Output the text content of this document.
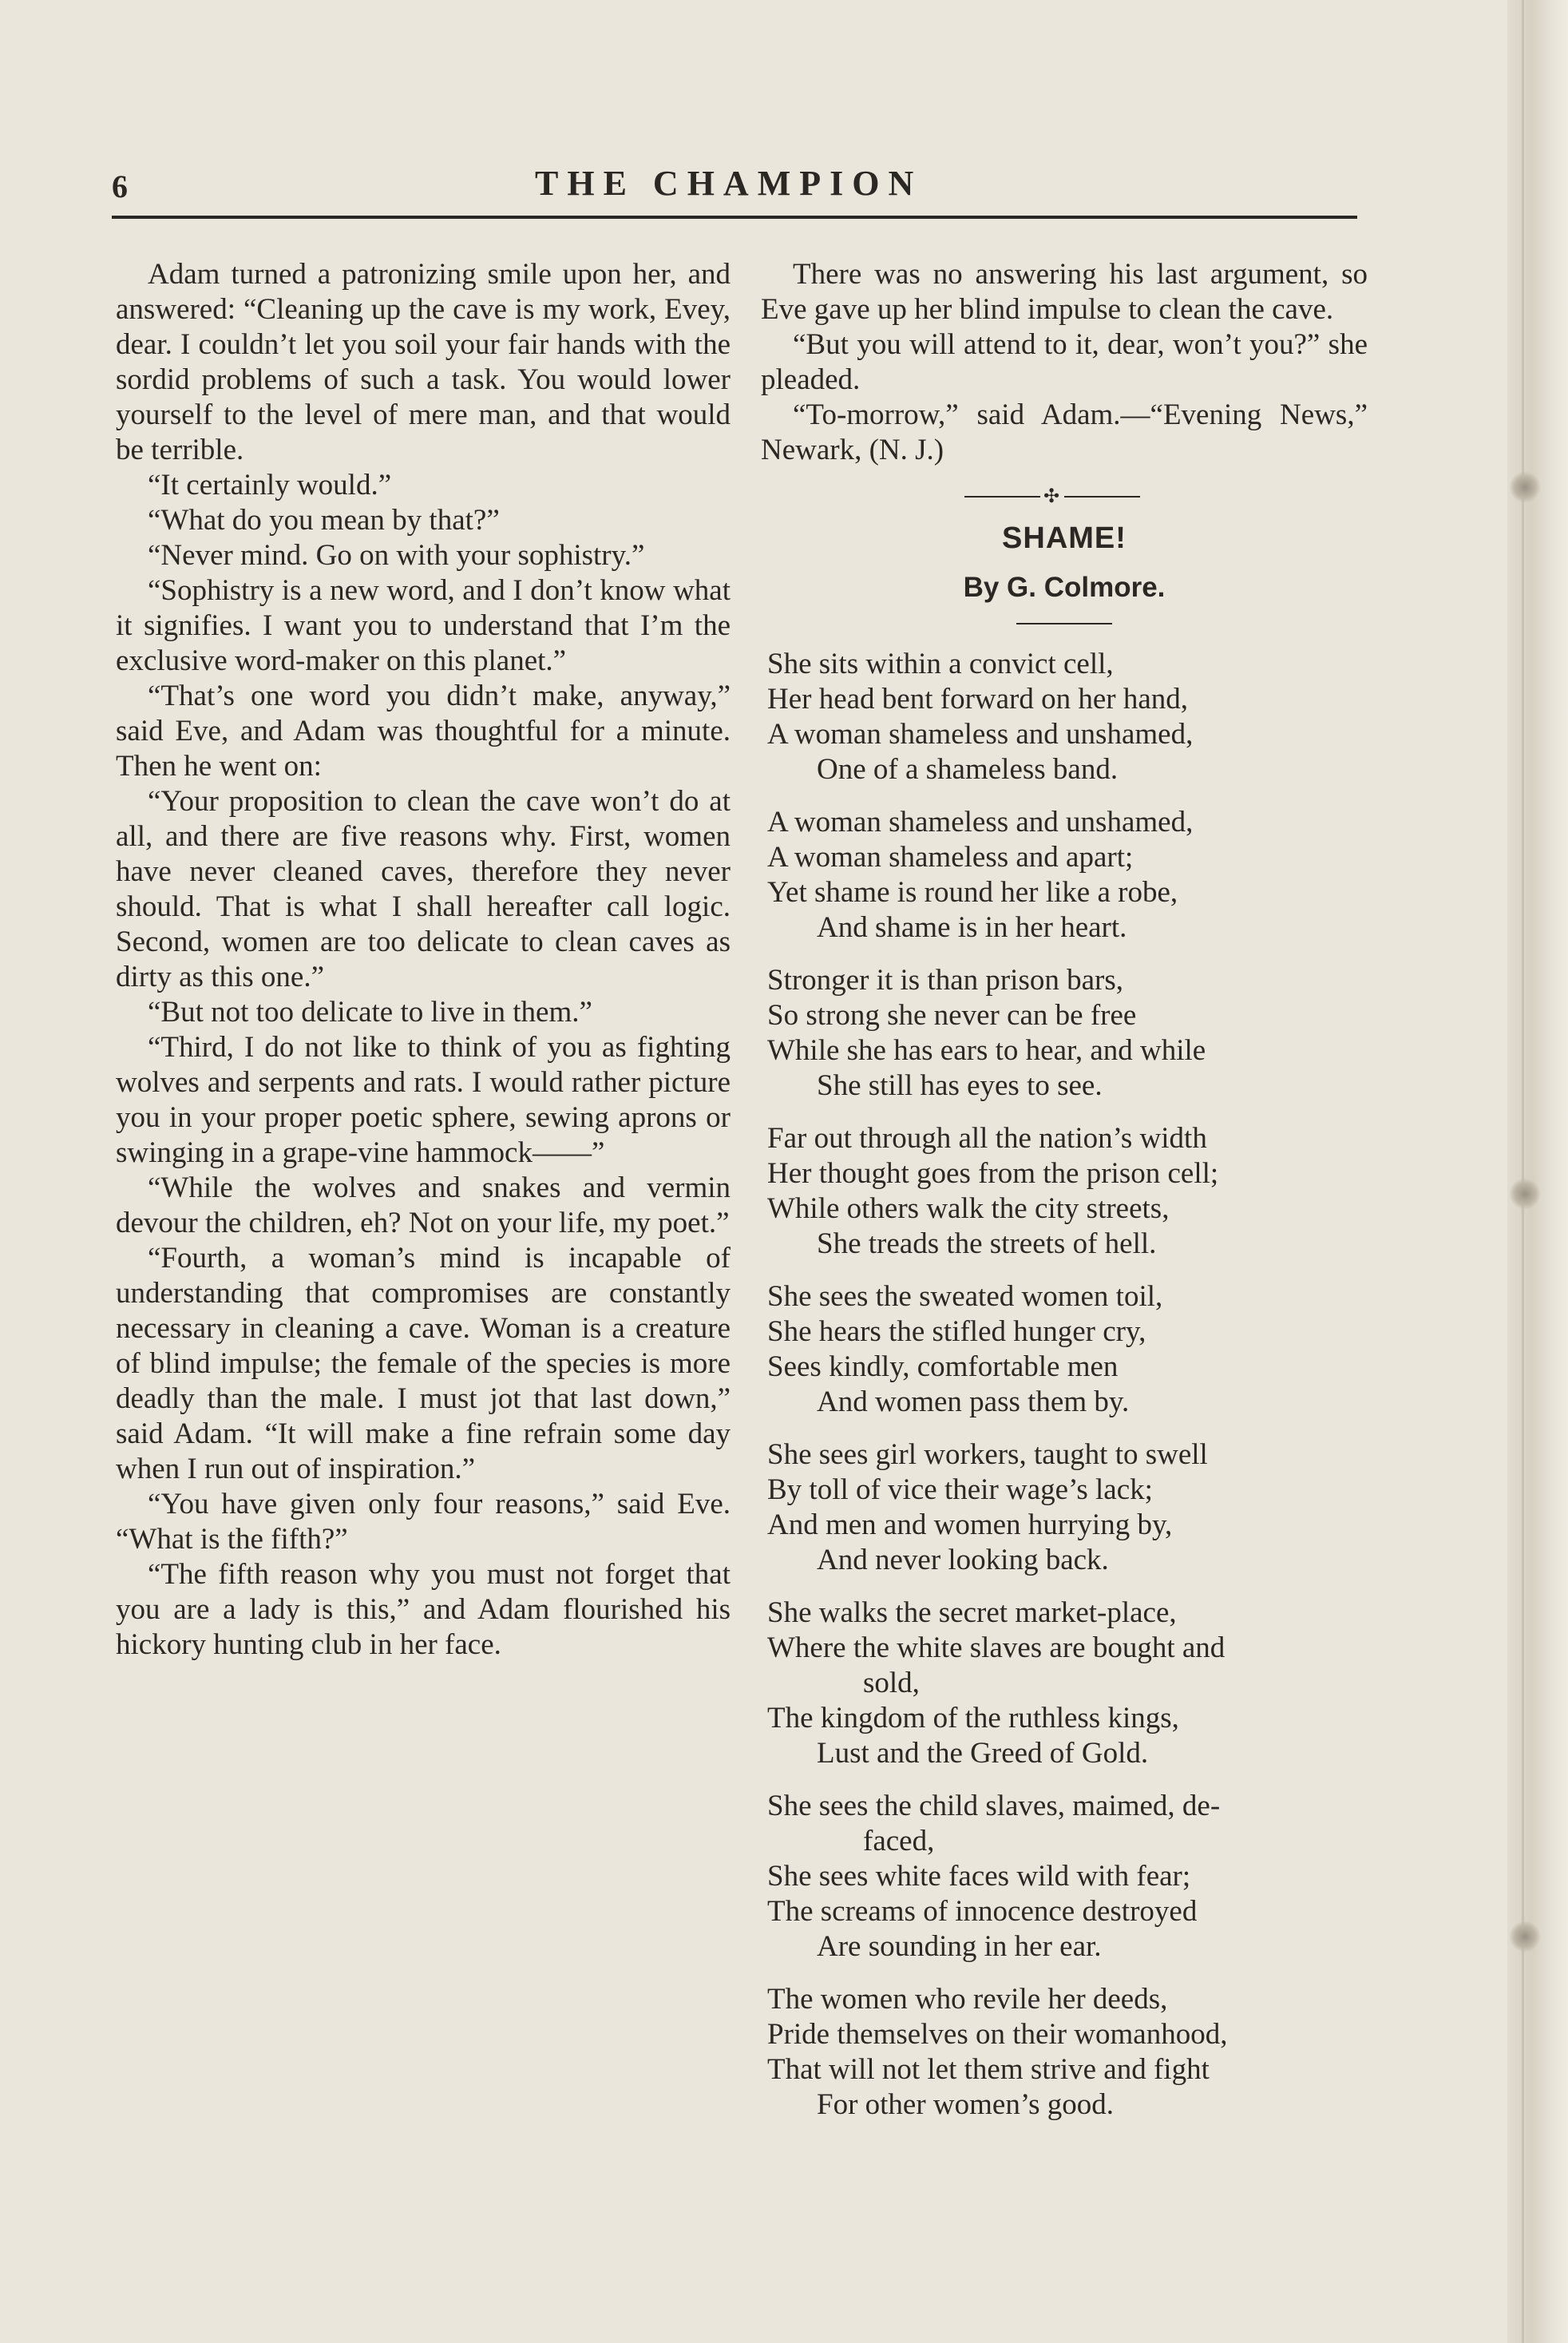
6	THE CHAMPION

Adam turned a patronizing smile upon her, and answered: “Cleaning up the cave is my work, Evey, dear. I couldn’t let you soil your fair hands with the sordid problems of such a task. You would lower yourself to the level of mere man, and that would be terrible.

“It certainly would.”

“What do you mean by that?”

“Never mind. Go on with your sophistry.”

“Sophistry is a new word, and I don’t know what it signifies. I want you to understand that I’m the exclusive word-maker on this planet.”

“That’s one word you didn’t make, anyway,” said Eve, and Adam was thoughtful for a minute. Then he went on:

“Your proposition to clean the cave won’t do at all, and there are five reasons why. First, women have never cleaned caves, therefore they never should. That is what I shall hereafter call logic. Second, women are too delicate to clean caves as dirty as this one.”

“But not too delicate to live in them.”

“Third, I do not like to think of you as fighting wolves and serpents and rats. I would rather picture you in your proper poetic sphere, sewing aprons or swinging in a grape-vine hammock——”

“While the wolves and snakes and vermin devour the children, eh? Not on your life, my poet.”

“Fourth, a woman’s mind is incapable of understanding that compromises are constantly necessary in cleaning a cave. Woman is a creature of blind impulse; the female of the species is more deadly than the male. I must jot that last down,” said Adam. “It will make a fine refrain some day when I run out of inspiration.”

“You have given only four reasons,” said Eve. “What is the fifth?”

“The fifth reason why you must not forget that you are a lady is this,” and Adam flourished his hickory hunting club in her face.

There was no answering his last argument, so Eve gave up her blind impulse to clean the cave.

“But you will attend to it, dear, won’t you?” she pleaded.

“To-morrow,” said Adam.—“Evening News,” Newark, (N. J.)

✣
SHAME!
By G. Colmore.
She sits within a convict cell,
Her head bent forward on her hand,
A woman shameless and unshamed,
One of a shameless band.
A woman shameless and unshamed,
A woman shameless and apart;
Yet shame is round her like a robe,
And shame is in her heart.
Stronger it is than prison bars,
So strong she never can be free
While she has ears to hear, and while
She still has eyes to see.
Far out through all the nation’s width
Her thought goes from the prison cell;
While others walk the city streets,
She treads the streets of hell.
She sees the sweated women toil,
She hears the stifled hunger cry,
Sees kindly, comfortable men
And women pass them by.
She sees girl workers, taught to swell
By toll of vice their wage’s lack;
And men and women hurrying by,
And never looking back.
She walks the secret market-place,
Where the white slaves are bought and
sold,
The kingdom of the ruthless kings,
Lust and the Greed of Gold.
She sees the child slaves, maimed, de-
faced,
She sees white faces wild with fear;
The screams of innocence destroyed
Are sounding in her ear.
The women who revile her deeds,
Pride themselves on their womanhood,
That will not let them strive and fight
For other women’s good.
